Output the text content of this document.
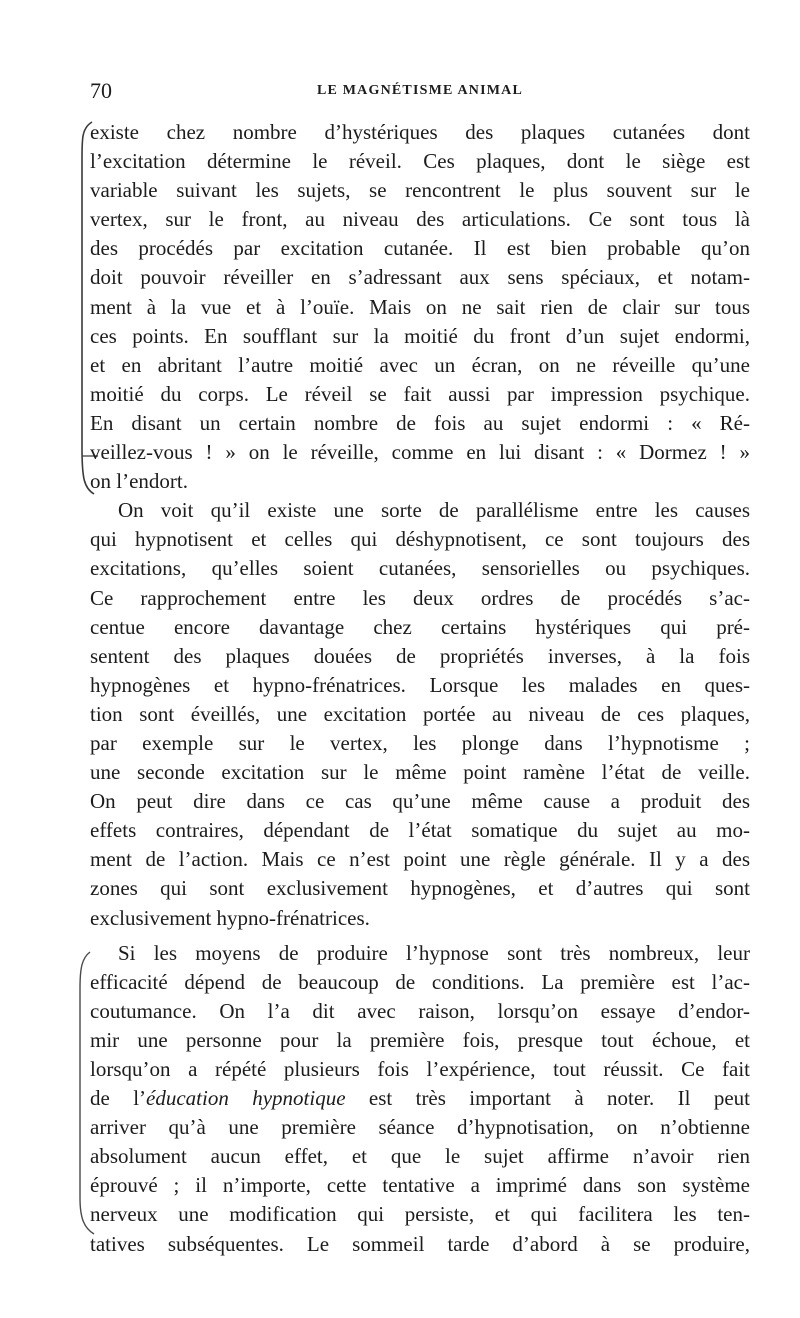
70	LE MAGNÉTISME ANIMAL
existe chez nombre d’hystériques des plaques cutanées dont
l’excitation détermine le réveil. Ces plaques, dont le siège est
variable suivant les sujets, se rencontrent le plus souvent sur le
vertex, sur le front, au niveau des articulations. Ce sont tous là
des procédés par excitation cutanée. Il est bien probable qu’on
doit pouvoir réveiller en s’adressant aux sens spéciaux, et notam-
ment à la vue et à l’ouïe. Mais on ne sait rien de clair sur tous
ces points. En soufflant sur la moitié du front d’un sujet endormi,
et en abritant l’autre moitié avec un écran, on ne réveille qu’une
moitié du corps. Le réveil se fait aussi par impression psychique.
En disant un certain nombre de fois au sujet endormi : « Ré-
veillez-vous ! » on le réveille, comme en lui disant : « Dormez ! »
on l’endort.
On voit qu’il existe une sorte de parallélisme entre les causes
qui hypnotisent et celles qui déshypnotisent, ce sont toujours des
excitations, qu’elles soient cutanées, sensorielles ou psychiques.
Ce rapprochement entre les deux ordres de procédés s’ac-
centue encore davantage chez certains hystériques qui pré-
sentent des plaques douées de propriétés inverses, à la fois
hypnogènes et hypno-frénatrices. Lorsque les malades en ques-
tion sont éveillés, une excitation portée au niveau de ces plaques,
par exemple sur le vertex, les plonge dans l’hypnotisme ;
une seconde excitation sur le même point ramène l’état de veille.
On peut dire dans ce cas qu’une même cause a produit des
effets contraires, dépendant de l’état somatique du sujet au mo-
ment de l’action. Mais ce n’est point une règle générale. Il y a des
zones qui sont exclusivement hypnogènes, et d’autres qui sont
exclusivement hypno-frénatrices.
Si les moyens de produire l’hypnose sont très nombreux, leur
efficacité dépend de beaucoup de conditions. La première est l’ac-
coutumance. On l’a dit avec raison, lorsqu’on essaye d’endor-
mir une personne pour la première fois, presque tout échoue, et
lorsqu’on a répété plusieurs fois l’expérience, tout réussit. Ce fait
de l’éducation hypnotique est très important à noter. Il peut
arriver qu’à une première séance d’hypnotisation, on n’obtienne
absolument aucun effet, et que le sujet affirme n’avoir rien
éprouvé ; il n’importe, cette tentative a imprimé dans son système
nerveux une modification qui persiste, et qui facilitera les ten-
tatives subséquentes. Le sommeil tarde d’abord à se produire,
